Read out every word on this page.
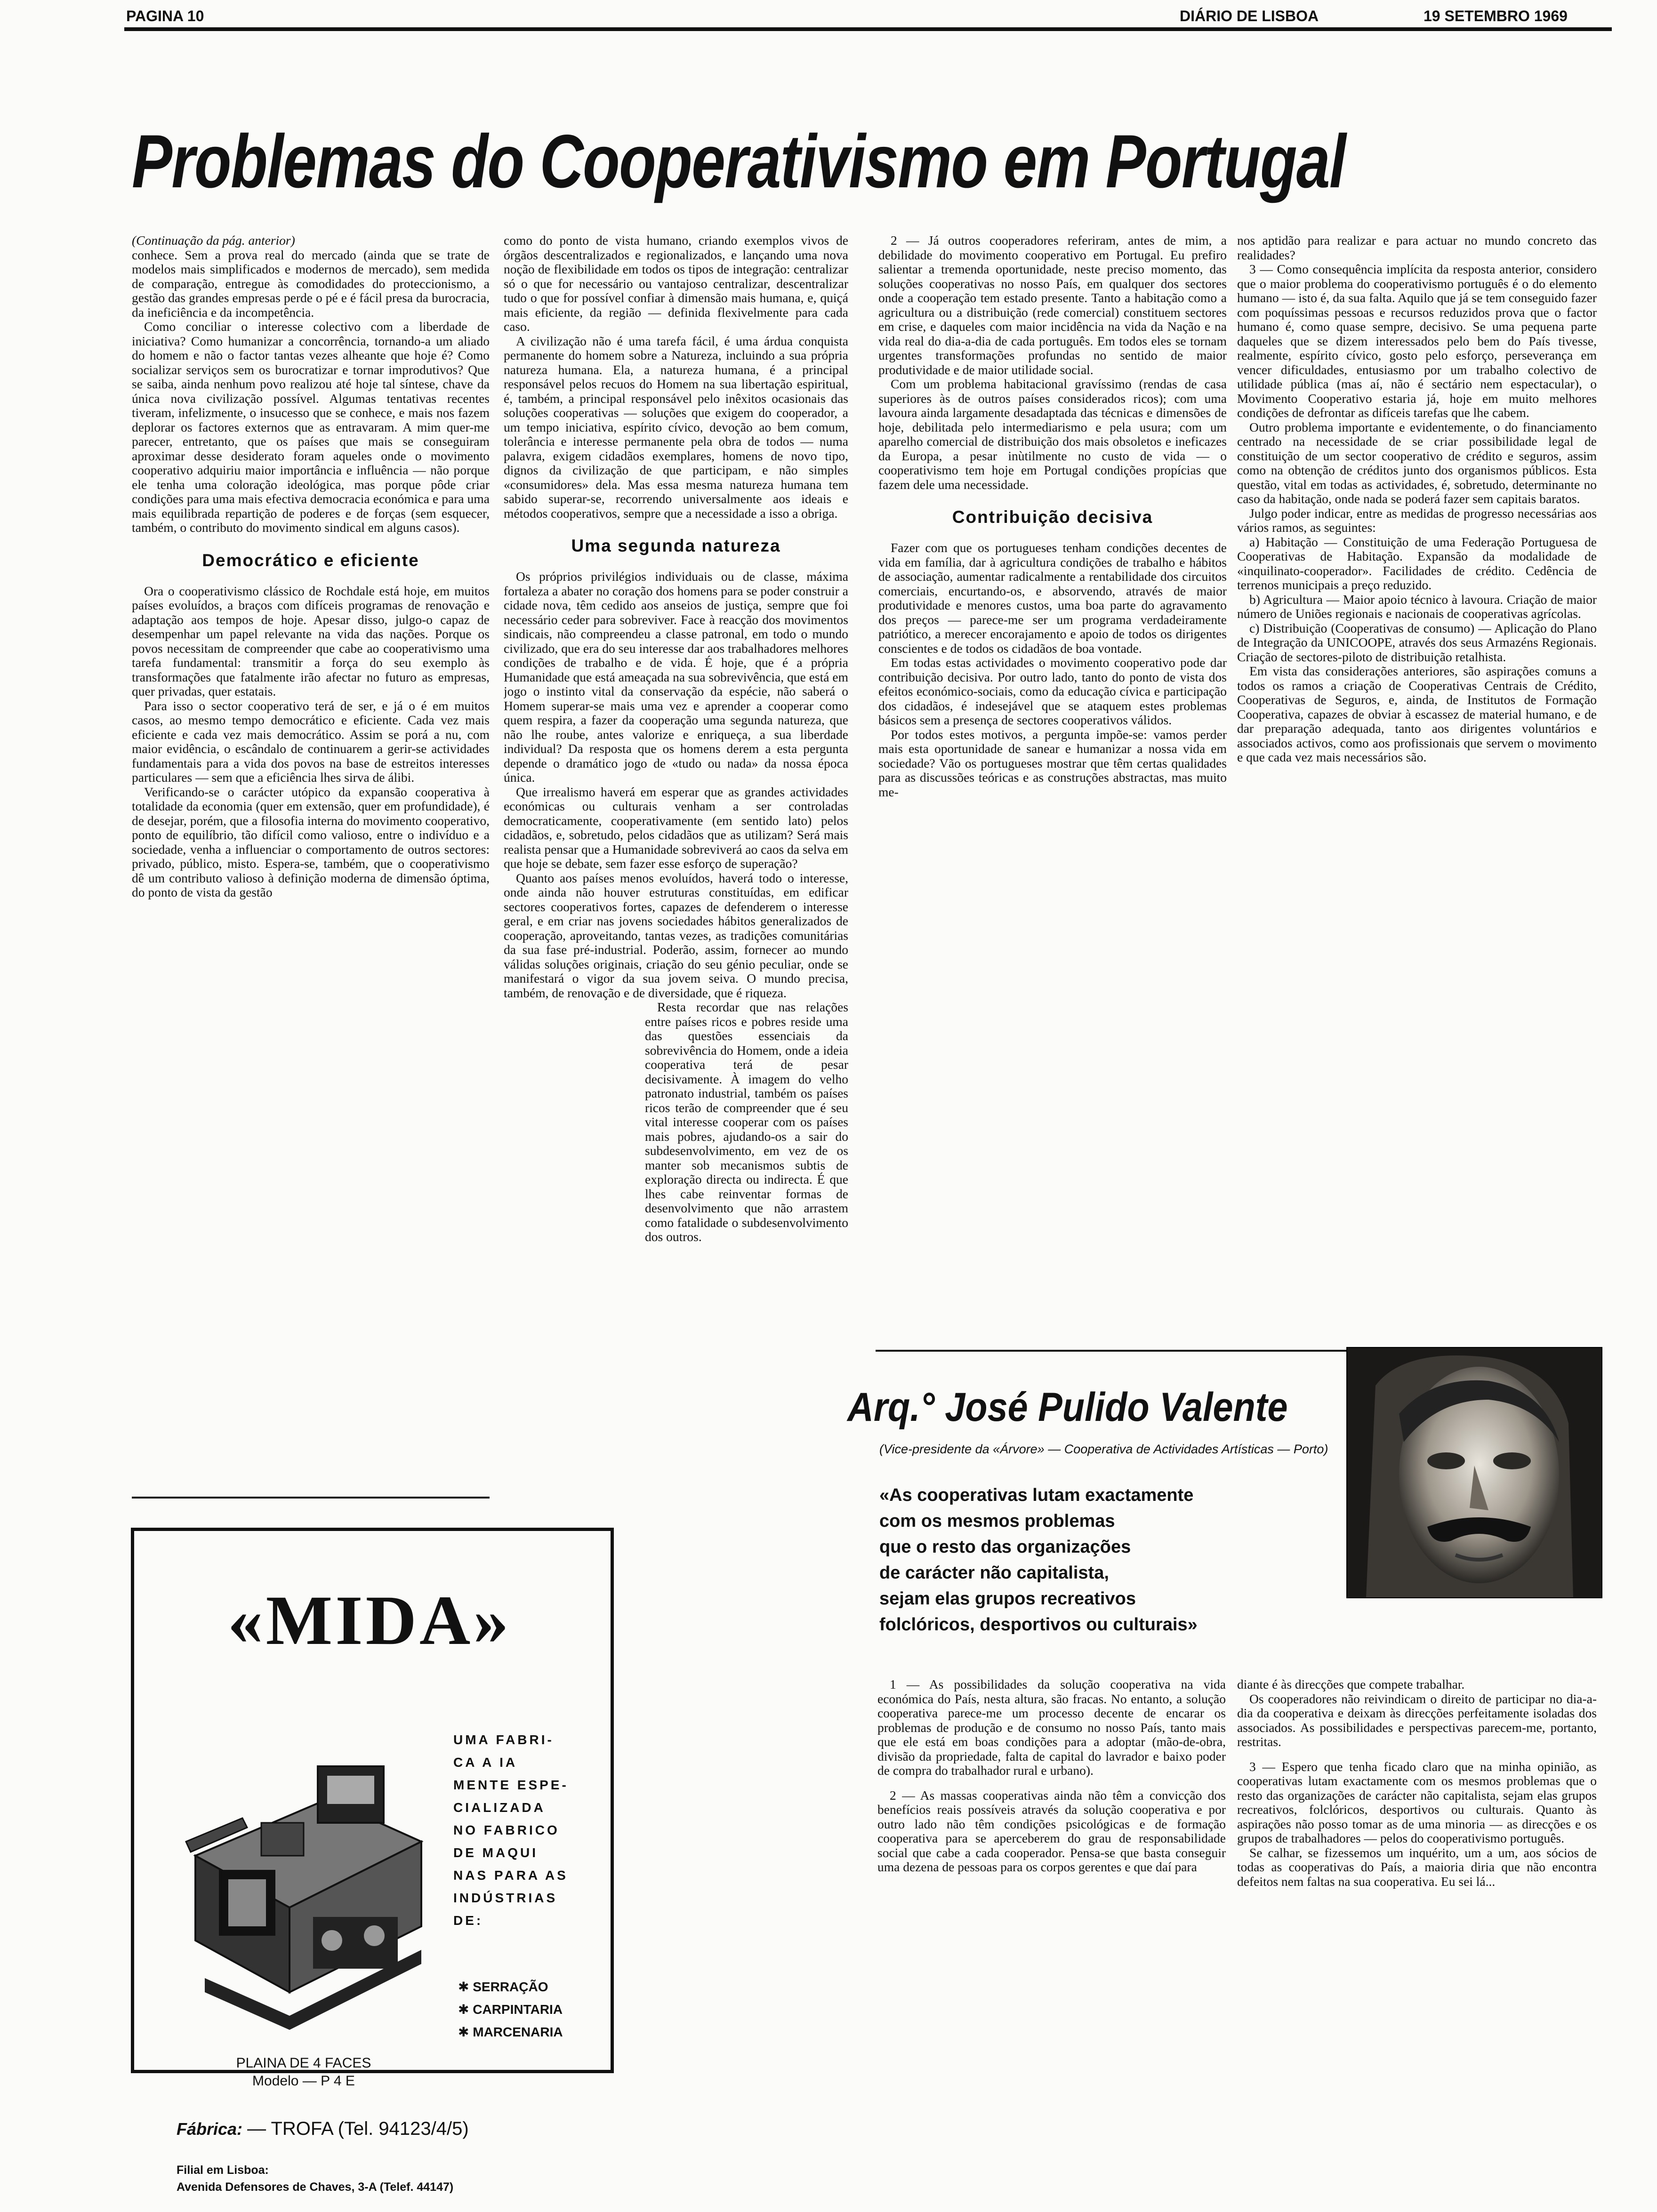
PAGINA 10	DIÁRIO DE LISBOA	19 SETEMBRO 1969
Problemas do Cooperativismo em Portugal

(Continuação da pág. anterior)

conhece. Sem a prova real do mercado (ainda que se trate de modelos mais simplificados e modernos de mercado), sem medida de comparação, entregue às comodidades do proteccionismo, a gestão das grandes empresas perde o pé e é fácil presa da burocracia, da ineficiência e da incompetência.

Como conciliar o interesse colectivo com a liberdade de iniciativa? Como humanizar a concorrência, tornando-a um aliado do homem e não o factor tantas vezes alheante que hoje é? Como socializar serviços sem os burocratizar e tornar improdutivos? Que se saiba, ainda nenhum povo realizou até hoje tal síntese, chave da única nova civilização possível. Algumas tentativas recentes tiveram, infelizmente, o insucesso que se conhece, e mais nos fazem deplorar os factores externos que as entravaram. A mim quer-me parecer, entretanto, que os países que mais se conseguiram aproximar desse desiderato foram aqueles onde o movimento cooperativo adquiriu maior importância e influência — não porque ele tenha uma coloração ideológica, mas porque pôde criar condições para uma mais efectiva democracia económica e para uma mais equilibrada repartição de poderes e de forças (sem esquecer, também, o contributo do movimento sindical em alguns casos).

Democrático e eficiente

Ora o cooperativismo clássico de Rochdale está hoje, em muitos países evoluídos, a braços com difíceis programas de renovação e adaptação aos tempos de hoje. Apesar disso, julgo-o capaz de desempenhar um papel relevante na vida das nações. Porque os povos necessitam de compreender que cabe ao cooperativismo uma tarefa fundamental: transmitir a força do seu exemplo às transformações que fatalmente irão afectar no futuro as empresas, quer privadas, quer estatais.

Para isso o sector cooperativo terá de ser, e já o é em muitos casos, ao mesmo tempo democrático e eficiente. Cada vez mais eficiente e cada vez mais democrático. Assim se porá a nu, com maior evidência, o escândalo de continuarem a gerir-se actividades fundamentais para a vida dos povos na base de estreitos interesses particulares — sem que a eficiência lhes sirva de álibi.

Verificando-se o carácter utópico da expansão cooperativa à totalidade da economia (quer em extensão, quer em profundidade), é de desejar, porém, que a filosofia interna do movimento cooperativo, ponto de equilíbrio, tão difícil como valioso, entre o indivíduo e a sociedade, venha a influenciar o comportamento de outros sectores: privado, público, misto. Espera-se, também, que o cooperativismo dê um contributo valioso à definição moderna de dimensão óptima, do ponto de vista da gestão

como do ponto de vista humano, criando exemplos vivos de órgãos descentralizados e regionalizados, e lançando uma nova noção de flexibilidade em todos os tipos de integração: centralizar só o que for necessário ou vantajoso centralizar, descentralizar tudo o que for possível confiar à dimensão mais humana, e, quiçá mais eficiente, da região — definida flexivelmente para cada caso.

A civilização não é uma tarefa fácil, é uma árdua conquista permanente do homem sobre a Natureza, incluindo a sua própria natureza humana. Ela, a natureza humana, é a principal responsável pelos recuos do Homem na sua libertação espiritual, é, também, a principal responsável pelo inêxitos ocasionais das soluções cooperativas — soluções que exigem do cooperador, a um tempo iniciativa, espírito cívico, devoção ao bem comum, tolerância e interesse permanente pela obra de todos — numa palavra, exigem cidadãos exemplares, homens de novo tipo, dignos da civilização de que participam, e não simples «consumidores» dela. Mas essa mesma natureza humana tem sabido superar-se, recorrendo universalmente aos ideais e métodos cooperativos, sempre que a necessidade a isso a obriga.

Uma segunda natureza

Os próprios privilégios individuais ou de classe, máxima fortaleza a abater no coração dos homens para se poder construir a cidade nova, têm cedido aos anseios de justiça, sempre que foi necessário ceder para sobreviver. Face à reacção dos movimentos sindicais, não compreendeu a classe patronal, em todo o mundo civilizado, que era do seu interesse dar aos trabalhadores melhores condições de trabalho e de vida. É hoje, que é a própria Humanidade que está ameaçada na sua sobrevivência, que está em jogo o instinto vital da conservação da espécie, não saberá o Homem superar-se mais uma vez e aprender a cooperar como quem respira, a fazer da cooperação uma segunda natureza, que não lhe roube, antes valorize e enriqueça, a sua liberdade individual? Da resposta que os homens derem a esta pergunta depende o dramático jogo de «tudo ou nada» da nossa época única.

Que irrealismo haverá em esperar que as grandes actividades económicas ou culturais venham a ser controladas democraticamente, cooperativamente (em sentido lato) pelos cidadãos, e, sobretudo, pelos cidadãos que as utilizam? Será mais realista pensar que a Humanidade sobreviverá ao caos da selva em que hoje se debate, sem fazer esse esforço de superação?

Quanto aos países menos evoluídos, haverá todo o interesse, onde ainda não houver estruturas constituídas, em edificar sectores cooperativos fortes, capazes de defenderem o interesse geral, e em criar nas jovens sociedades hábitos generalizados de cooperação, aproveitando, tantas vezes, as tradições comunitárias da sua fase pré-industrial. Poderão, assim, fornecer ao mundo válidas soluções originais, criação do seu génio peculiar, onde se manifestará o vigor da sua jovem seiva. O mundo precisa, também, de renovação e de diversidade, que é riqueza.

Resta recordar que nas relações entre países ricos e pobres reside uma das questões essenciais da sobrevivência do Homem, onde a ideia cooperativa terá de pesar decisivamente. À imagem do velho patronato industrial, também os países ricos terão de compreender que é seu vital interesse cooperar com os países mais pobres, ajudando-os a sair do subdesenvolvimento, em vez de os manter sob mecanismos subtis de exploração directa ou indirecta. É que lhes cabe reinventar formas de desenvolvimento que não arrastem como fatalidade o subdesenvolvimento dos outros.

2 — Já outros cooperadores referiram, antes de mim, a debilidade do movimento cooperativo em Portugal. Eu prefiro salientar a tremenda oportunidade, neste preciso momento, das soluções cooperativas no nosso País, em qualquer dos sectores onde a cooperação tem estado presente. Tanto a habitação como a agricultura ou a distribuição (rede comercial) constituem sectores em crise, e daqueles com maior incidência na vida da Nação e na vida real do dia-a-dia de cada português. Em todos eles se tornam urgentes transformações profundas no sentido de maior produtividade e de maior utilidade social.

Com um problema habitacional gravíssimo (rendas de casa superiores às de outros países considerados ricos); com uma lavoura ainda largamente desadaptada das técnicas e dimensões de hoje, debilitada pelo intermediarismo e pela usura; com um aparelho comercial de distribuição dos mais obsoletos e ineficazes da Europa, a pesar inùtilmente no custo de vida — o cooperativismo tem hoje em Portugal condições propícias que fazem dele uma necessidade.

Contribuição decisiva

Fazer com que os portugueses tenham condições decentes de vida em família, dar à agricultura condições de trabalho e hábitos de associação, aumentar radicalmente a rentabilidade dos circuitos comerciais, encurtando-os, e absorvendo, através de maior produtividade e menores custos, uma boa parte do agravamento dos preços — parece-me ser um programa verdadeiramente patriótico, a merecer encorajamento e apoio de todos os dirigentes conscientes e de todos os cidadãos de boa vontade.

Em todas estas actividades o movimento cooperativo pode dar contribuição decisiva. Por outro lado, tanto do ponto de vista dos efeitos económico-sociais, como da educação cívica e participação dos cidadãos, é indesejável que se ataquem estes problemas básicos sem a presença de sectores cooperativos válidos.

Por todos estes motivos, a pergunta impõe-se: vamos perder mais esta oportunidade de sanear e humanizar a nossa vida em sociedade? Vão os portugueses mostrar que têm certas qualidades para as discussões teóricas e as construções abstractas, mas muito me-

nos aptidão para realizar e para actuar no mundo concreto das realidades?

3 — Como consequência implícita da resposta anterior, considero que o maior problema do cooperativismo português é o do elemento humano — isto é, da sua falta. Aquilo que já se tem conseguido fazer com poquíssimas pessoas e recursos reduzidos prova que o factor humano é, como quase sempre, decisivo. Se uma pequena parte daqueles que se dizem interessados pelo bem do País tivesse, realmente, espírito cívico, gosto pelo esforço, perseverança em vencer dificuldades, entusiasmo por um trabalho colectivo de utilidade pública (mas aí, não é sectário nem espectacular), o Movimento Cooperativo estaria já, hoje em muito melhores condições de defrontar as difíceis tarefas que lhe cabem.

Outro problema importante e evidentemente, o do financiamento centrado na necessidade de se criar possibilidade legal de constituição de um sector cooperativo de crédito e seguros, assim como na obtenção de créditos junto dos organismos públicos. Esta questão, vital em todas as actividades, é, sobretudo, determinante no caso da habitação, onde nada se poderá fazer sem capitais baratos.

Julgo poder indicar, entre as medidas de progresso necessárias aos vários ramos, as seguintes:

a) Habitação — Constituição de uma Federação Portuguesa de Cooperativas de Habitação. Expansão da modalidade de «inquilinato-cooperador». Facilidades de crédito. Cedência de terrenos municipais a preço reduzido.

b) Agricultura — Maior apoio técnico à lavoura. Criação de maior número de Uniões regionais e nacionais de cooperativas agrícolas.

c) Distribuição (Cooperativas de consumo) — Aplicação do Plano de Integração da UNICOOPE, através dos seus Armazéns Regionais. Criação de sectores-piloto de distribuição retalhista.

Em vista das considerações anteriores, são aspirações comuns a todos os ramos a criação de Cooperativas Centrais de Crédito, Cooperativas de Seguros, e, ainda, de Institutos de Formação Cooperativa, capazes de obviar à escassez de material humano, e de dar preparação adequada, tanto aos dirigentes voluntários e associados activos, como aos profissionais que servem o movimento e que cada vez mais necessários são.

Arq.° José Pulido Valente
(Vice-presidente da «Árvore» — Cooperativa de Actividades Artísticas — Porto)

«As cooperativas lutam exactamente

com os mesmos problemas

que o resto das organizações

de carácter não capitalista,

sejam elas grupos recreativos

folclóricos, desportivos ou culturais»

1 — As possibilidades da solução cooperativa na vida económica do País, nesta altura, são fracas. No entanto, a solução cooperativa parece-me um processo decente de encarar os problemas de produção e de consumo no nosso País, tanto mais que ele está em boas condições para a adoptar (mão-de-obra, divisão da propriedade, falta de capital do lavrador e baixo poder de compra do trabalhador rural e urbano).

2 — As massas cooperativas ainda não têm a convicção dos benefícios reais possíveis através da solução cooperativa e por outro lado não têm condições psicológicas e de formação cooperativa para se aperceberem do grau de responsabilidade social que cabe a cada cooperador. Pensa-se que basta conseguir uma dezena de pessoas para os corpos gerentes e que daí para

diante é às direcções que compete trabalhar.

Os cooperadores não reivindicam o direito de participar no dia-a-dia da cooperativa e deixam às direcções perfeitamente isoladas dos associados. As possibilidades e perspectivas parecem-me, portanto, restritas.

3 — Espero que tenha ficado claro que na minha opinião, as cooperativas lutam exactamente com os mesmos problemas que o resto das organizações de carácter não capitalista, sejam elas grupos recreativos, folclóricos, desportivos ou culturais. Quanto às aspirações não posso tomar as de uma minoria — as direcções e os grupos de trabalhadores — pelos do cooperativismo português.

Se calhar, se fizessemos um inquérito, um a um, aos sócios de todas as cooperativas do País, a maioria diria que não encontra defeitos nem faltas na sua cooperativa. Eu sei lá...

«MIDA»

UMA FABRI-

CA A IA

MENTE ESPE-

CIALIZADA

NO FABRICO

DE MAQUI

NAS PARA AS

INDÚSTRIAS

DE:

✱ SERRAÇÃO

✱ CARPINTARIA

✱ MARCENARIA

PLAINA DE 4 FACES
Modelo — P 4 E
Fábrica: — TROFA (Tel. 94123/4/5)
Filial em Lisboa:
Avenida Defensores de Chaves, 3-A (Telef. 44147)
